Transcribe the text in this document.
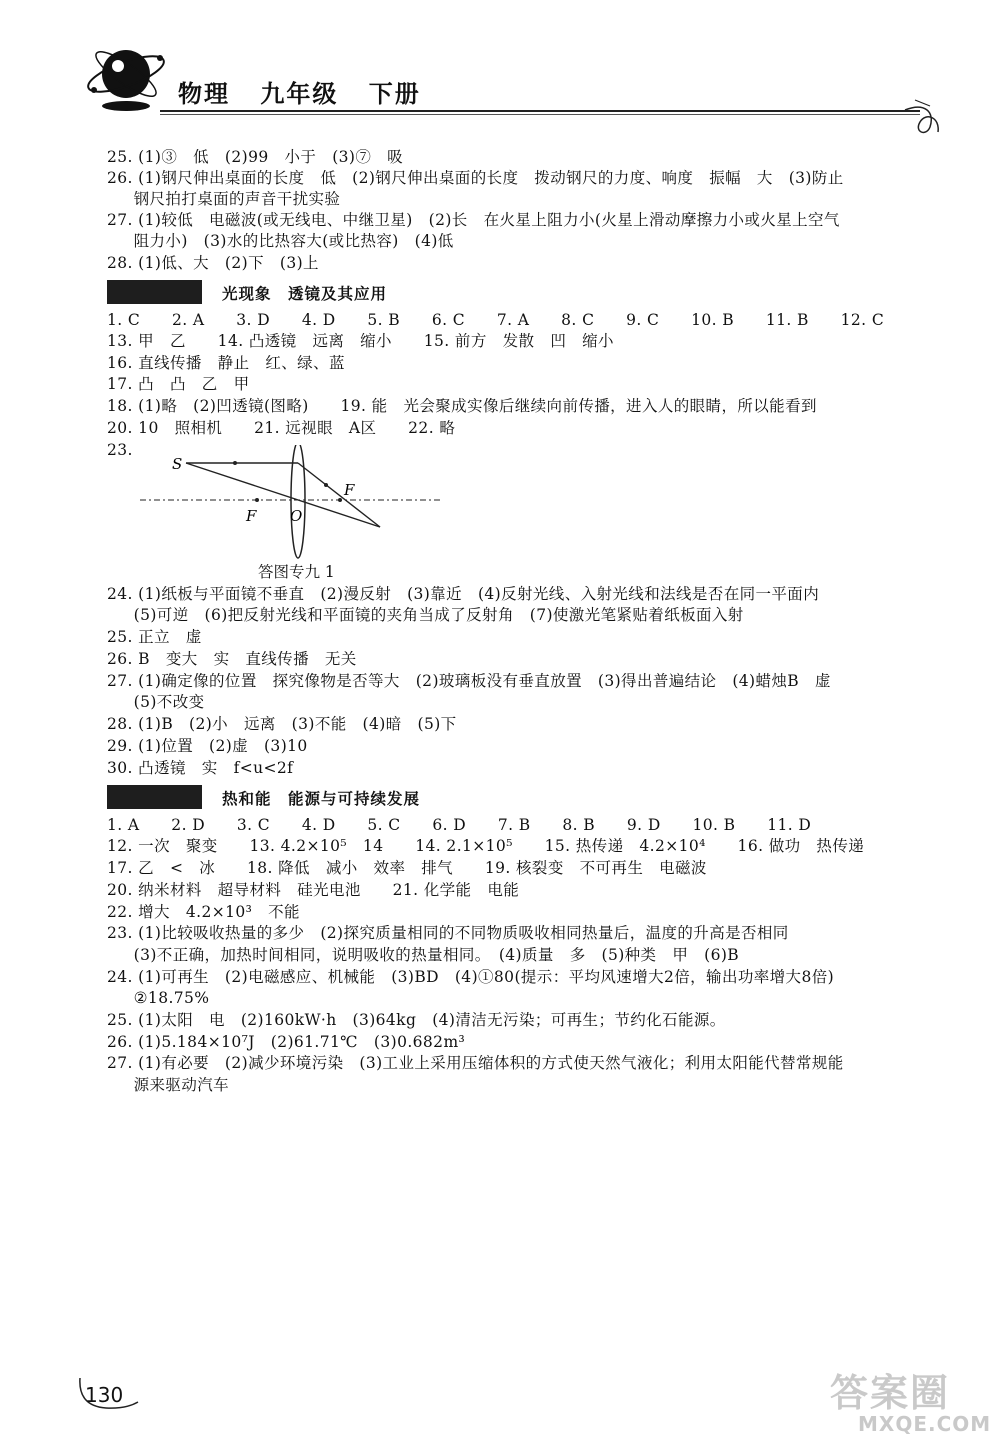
物理 九年级 下册
25. (1)③　低　(2)99　小于　(3)⑦　吸
26. (1)钢尺伸出桌面的长度　低　(2)钢尺伸出桌面的长度　拨动钢尺的力度、响度　振幅　大　(3)防止
钢尺拍打桌面的声音干扰实验
27. (1)较低　电磁波(或无线电、中继卫星)　(2)长　在火星上阻力小(火星上滑动摩擦力小或火星上空气
阻力小)　(3)水的比热容大(或比热容)　(4)低
28. (1)低、大　(2)下　(3)上
光现象　透镜及其应用
1. C　　2. A　　3. D　　4. D　　5. B　　6. C　　7. A　　8. C　　9. C　　10. B　　11. B　　12. C
13. 甲　乙　　14. 凸透镜　远离　缩小　　15. 前方　发散　凹　缩小
16. 直线传播　静止　红、绿、蓝
17. 凸　凸　乙　甲
18. (1)略　(2)凹透镜(图略)　　19. 能　光会聚成实像后继续向前传播，进入人的眼睛，所以能看到
20. 10　照相机　　21. 远视眼　A区　　22. 略
23.
S
F
F
O
答图专九 1
24. (1)纸板与平面镜不垂直　(2)漫反射　(3)靠近　(4)反射光线、入射光线和法线是否在同一平面内
(5)可逆　(6)把反射光线和平面镜的夹角当成了反射角　(7)使激光笔紧贴着纸板面入射
25. 正立　虚
26. B　变大　实　直线传播　无关
27. (1)确定像的位置　探究像物是否等大　(2)玻璃板没有垂直放置　(3)得出普遍结论　(4)蜡烛B　虚
(5)不改变
28. (1)B　(2)小　远离　(3)不能　(4)暗　(5)下
29. (1)位置　(2)虚　(3)10
30. 凸透镜　实　f<u<2f
热和能　能源与可持续发展
1. A　　2. D　　3. C　　4. D　　5. C　　6. D　　7. B　　8. B　　9. D　　10. B　　11. D
12. 一次　聚变　　13. 4.2×10⁵　14　　14. 2.1×10⁵　　15. 热传递　4.2×10⁴　　16. 做功　热传递
17. 乙　<　冰　　18. 降低　减小　效率　排气　　19. 核裂变　不可再生　电磁波
20. 纳米材料　超导材料　硅光电池　　21. 化学能　电能
22. 增大　4.2×10³　不能
23. (1)比较吸收热量的多少　(2)探究质量相同的不同物质吸收相同热量后，温度的升高是否相同
(3)不正确，加热时间相同，说明吸收的热量相同。　(4)质量　多　(5)种类　甲　(6)B
24. (1)可再生　(2)电磁感应、机械能　(3)BD　(4)①80(提示：平均风速增大2倍，输出功率增大8倍)
②18.75%
25. (1)太阳　电　(2)160kW·h　(3)64kg　(4)清洁无污染；可再生；节约化石能源。
26. (1)5.184×10⁷J　(2)61.71℃　(3)0.682m³
27. (1)有必要　(2)减少环境污染　(3)工业上采用压缩体积的方式使天然气液化；利用太阳能代替常规能
源来驱动汽车
130	答案圈
MXQE.COM
